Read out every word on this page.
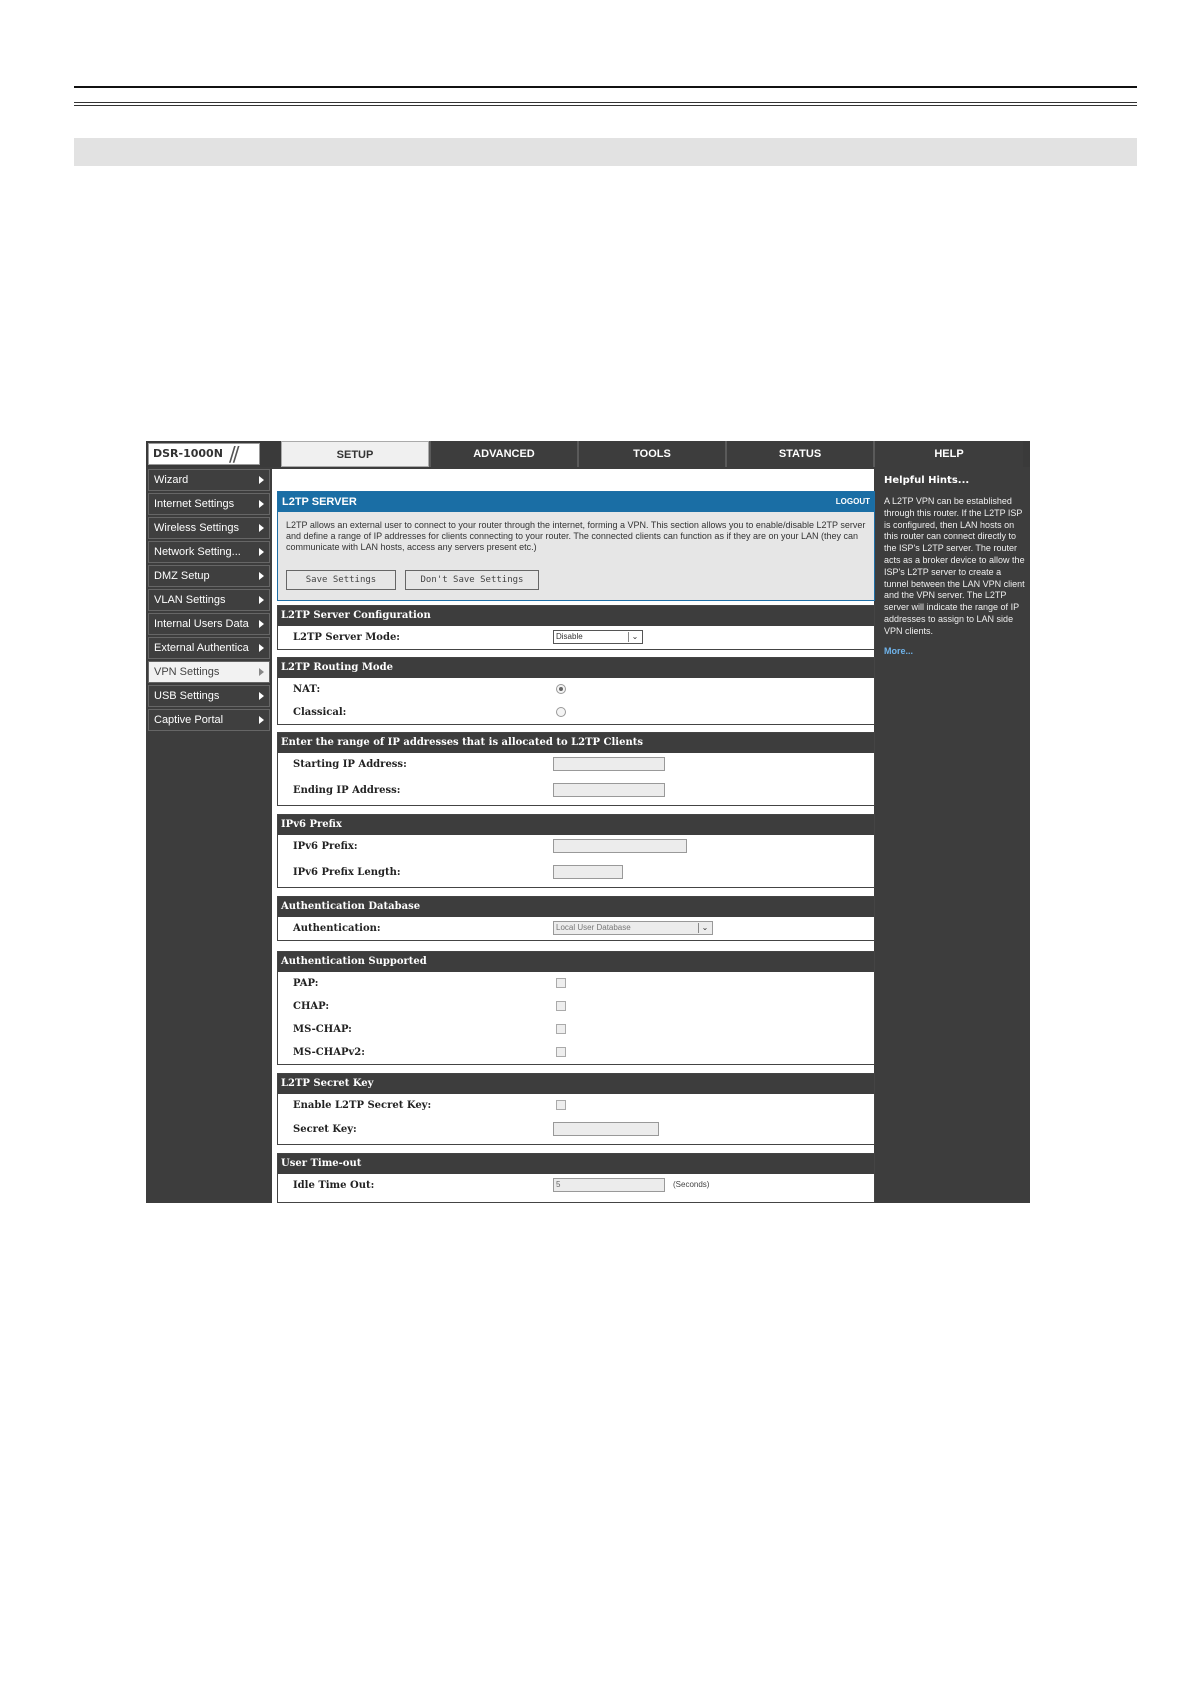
DSR-1000N //	SETUP	ADVANCED	TOOLS	STATUS	HELP
Wizard
Internet Settings
Wireless Settings
Network Setting...
DMZ Setup
VLAN Settings
Internal Users Data
External Authentica
VPN Settings
USB Settings
Captive Portal
L2TP SERVER	LOGOUT
L2TP allows an external user to connect to your router through the internet, forming a VPN. This section allows you to enable/disable L2TP server and define a range of IP addresses for clients connecting to your router. The connected clients can function as if they are on your LAN (they can communicate with LAN hosts, access any servers present etc.)
Save Settings	Don't Save Settings
L2TP Server Configuration
L2TP Server Mode:	Disable	⌄
L2TP Routing Mode
NAT:
Classical:
Enter the range of IP addresses that is allocated to L2TP Clients
Starting IP Address:
Ending IP Address:
IPv6 Prefix
IPv6 Prefix:
IPv6 Prefix Length:
Authentication Database
Authentication:	Local User Database	⌄
Authentication Supported
PAP:
CHAP:
MS-CHAP:
MS-CHAPv2:
L2TP Secret Key
Enable L2TP Secret Key:
Secret Key:
User Time-out
Idle Time Out:	5	(Seconds)
Helpful Hints...
A L2TP VPN can be established through this router. If the L2TP ISP is configured, then LAN hosts on this router can connect directly to the ISP's L2TP server. The router acts as a broker device to allow the ISP's L2TP server to create a tunnel between the LAN VPN client and the VPN server. The L2TP server will indicate the range of IP addresses to assign to LAN side VPN clients.
More...
